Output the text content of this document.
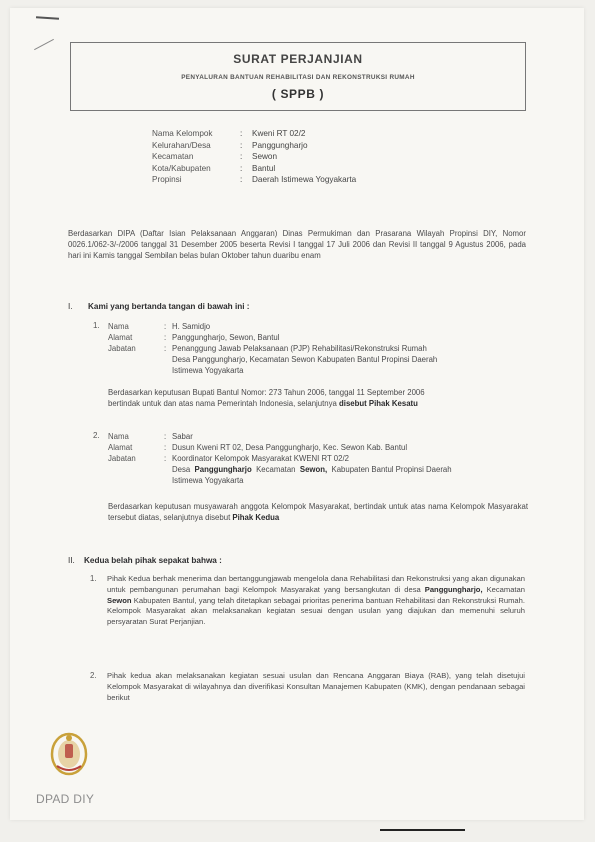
SURAT PERJANJIAN
PENYALURAN BANTUAN REHABILITASI DAN REKONSTRUKSI RUMAH
( SPPB )
Nama Kelompok	: Kweni RT 02/2
Kelurahan/Desa	: Panggungharjo
Kecamatan	: Sewon
Kota/Kabupaten	: Bantul
Propinsi	: Daerah Istimewa Yogyakarta
Berdasarkan DIPA (Daftar Isian Pelaksanaan Anggaran) Dinas Permukiman dan Prasarana Wilayah Propinsi DIY, Nomor 0026.1/062-3/-/2006 tanggal 31 Desember 2005 beserta Revisi I tanggal 17 Juli 2006 dan Revisi II tanggal 9 Agustus 2006, pada hari ini Kamis tanggal Sembilan belas bulan Oktober tahun duaribu enam
I. Kami yang bertanda tangan di bawah ini :
1. Nama	: H. Samidjo
Alamat	: Panggungharjo, Sewon, Bantul
Jabatan	: Penanggung Jawab Pelaksanaan (PJP) Rehabilitasi/Rekonstruksi Rumah
Desa Panggungharjo, Kecamatan Sewon Kabupaten Bantul Propinsi Daerah
Istimewa Yogyakarta
Berdasarkan keputusan Bupati Bantul Nomor: 273 Tahun 2006, tanggal 11 September 2006
bertindak untuk dan atas nama Pemerintah Indonesia, selanjutnya disebut Pihak Kesatu
2. Nama	: Sabar
Alamat	: Dusun Kweni RT 02, Desa Panggungharjo, Kec. Sewon Kab. Bantul
Jabatan	: Koordinator Kelompok Masyarakat KWENI RT 02/2
Desa Panggungharjo Kecamatan Sewon, Kabupaten Bantul Propinsi Daerah
Istimewa Yogyakarta
Berdasarkan keputusan musyawarah anggota Kelompok Masyarakat, bertindak untuk atas nama Kelompok Masyarakat tersebut diatas, selanjutnya disebut Pihak Kedua
II. Kedua belah pihak sepakat bahwa :
1. Pihak Kedua berhak menerima dan bertanggungjawab mengelola dana Rehabilitasi dan Rekonstruksi yang akan digunakan untuk pembangunan perumahan bagi Kelompok Masyarakat yang bersangkutan di desa Panggungharjo, Kecamatan Sewon Kabupaten Bantul, yang telah ditetapkan sebagai prioritas penerima bantuan Rehabilitasi dan Rekonstruksi Rumah. Kelompok Masyarakat akan melaksanakan kegiatan sesuai dengan usulan yang diajukan dan memenuhi seluruh persyaratan Surat Perjanjian.
2. Pihak kedua akan melaksanakan kegiatan sesuai usulan dan Rencana Anggaran Biaya (RAB), yang telah disetujui Kelompok Masyarakat di wilayahnya dan diverifikasi Konsultan Manajemen Kabupaten (KMK), dengan pendanaan sebagai berikut
DPAD DIY
